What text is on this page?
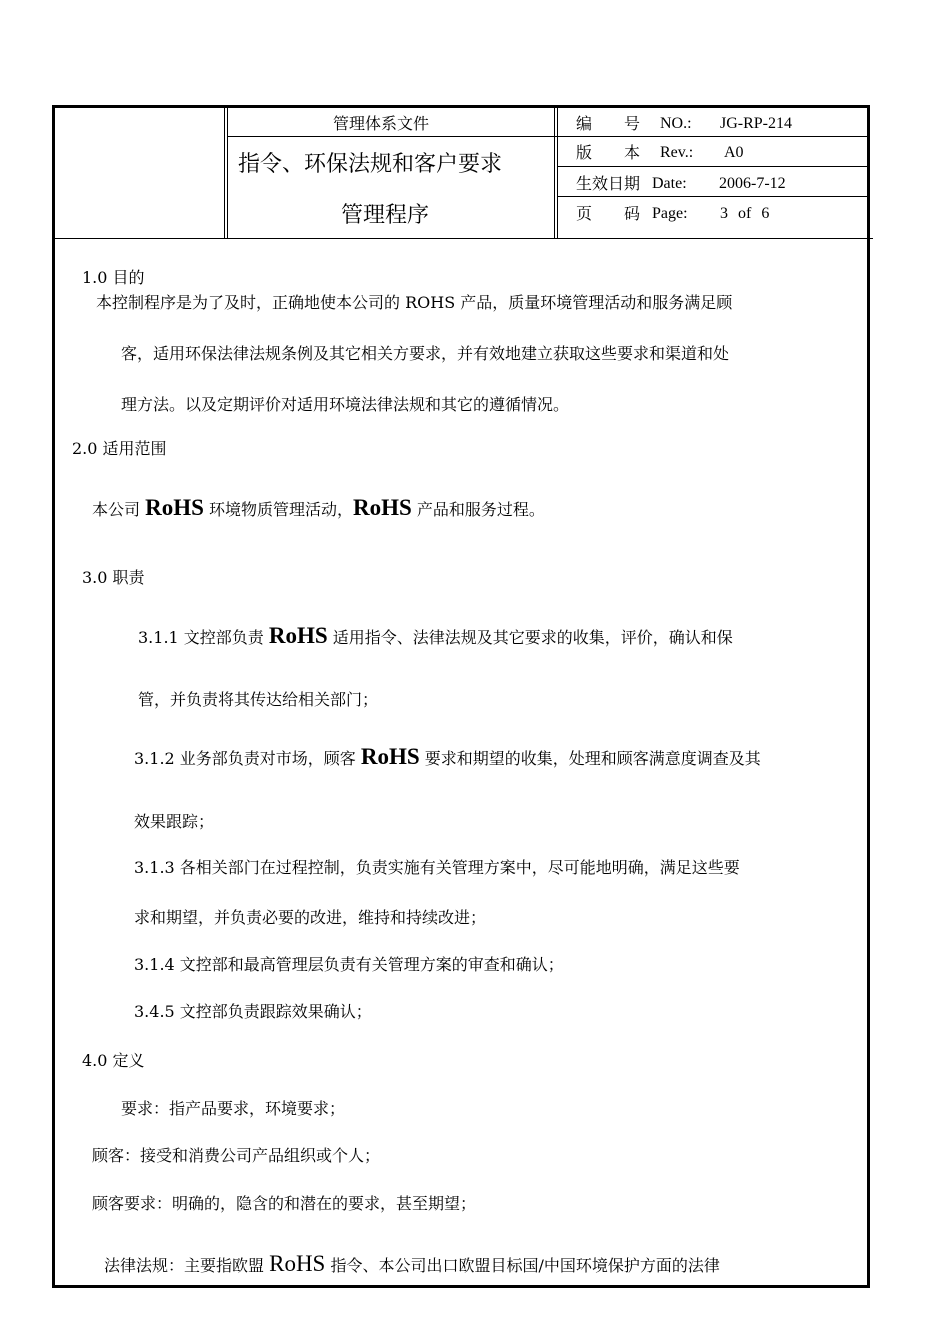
管理体系文件
指令、环保法规和客户要求
管理程序
编　　号 NO.: JG-RP-214
版　　本 Rev.: A0
生效日期 Date: 2006-7-12
页　　码 Page: 3 of 6
1.0 目的
本控制程序是为了及时，正确地使本公司的 ROHS 产品，质量环境管理活动和服务满足顾
客，适用环保法律法规条例及其它相关方要求，并有效地建立获取这些要求和渠道和处
理方法。以及定期评价对适用环境法律法规和其它的遵循情况。
2.0 适用范围
本公司 RoHS 环境物质管理活动，RoHS 产品和服务过程。
3.0 职责
3.1.1 文控部负责 RoHS 适用指令、法律法规及其它要求的收集，评价，确认和保
管，并负责将其传达给相关部门；
3.1.2 业务部负责对市场，顾客 RoHS 要求和期望的收集，处理和顾客满意度调查及其
效果跟踪；
3.1.3 各相关部门在过程控制，负责实施有关管理方案中，尽可能地明确，满足这些要
求和期望，并负责必要的改进，维持和持续改进；
3.1.4 文控部和最高管理层负责有关管理方案的审查和确认；
3.4.5 文控部负责跟踪效果确认；
4.0 定义
要求：指产品要求，环境要求；
顾客：接受和消费公司产品组织或个人；
顾客要求：明确的，隐含的和潜在的要求，甚至期望；
法律法规：主要指欧盟 RoHS 指令、本公司出口欧盟目标国/中国环境保护方面的法律
